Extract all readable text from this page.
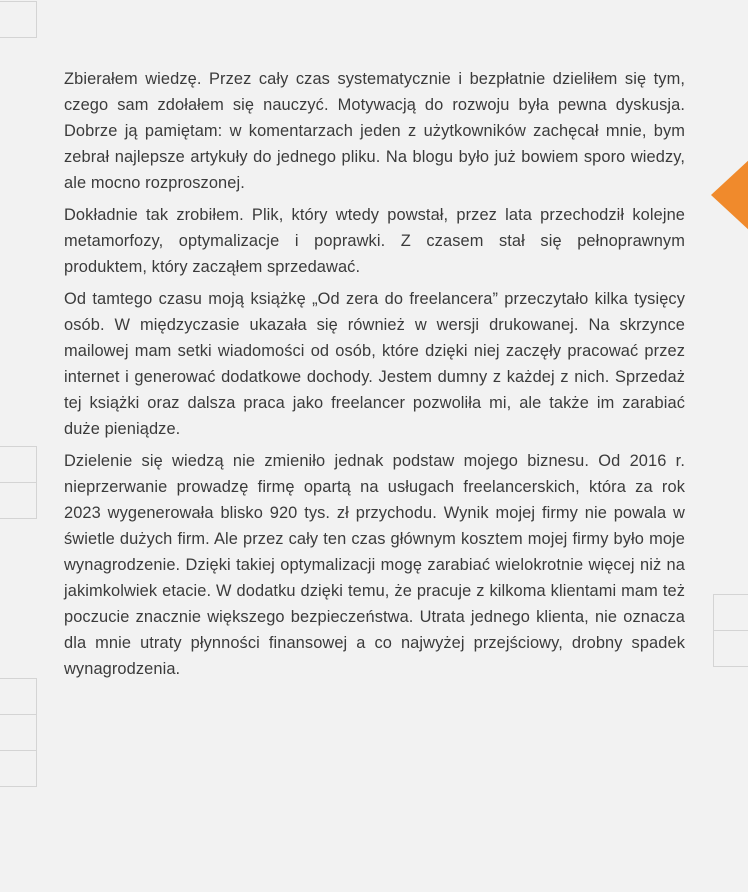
Zbierałem wiedzę. Przez cały czas systematycznie i bezpłatnie dzieliłem się tym, czego sam zdołałem się nauczyć. Motywacją do rozwoju była pewna dyskusja. Dobrze ją pamiętam: w komentarzach jeden z użytkowników zachęcał mnie, bym zebrał najlepsze artykuły do jednego pliku. Na blogu było już bowiem sporo wiedzy, ale mocno rozproszonej.

Dokładnie tak zrobiłem. Plik, który wtedy powstał, przez lata przechodził kolejne metamorfozy, optymalizacje i poprawki. Z czasem stał się pełnoprawnym produktem, który zacząłem sprzedawać.

Od tamtego czasu moją książkę „Od zera do freelancera” przeczytało kilka tysięcy osób. W międzyczasie ukazała się również w wersji drukowanej. Na skrzynce mailowej mam setki wiadomości od osób, które dzięki niej zaczęły pracować przez internet i generować dodatkowe dochody. Jestem dumny z każdej z nich. Sprzedaż tej książki oraz dalsza praca jako freelancer pozwoliła mi, ale także im zarabiać duże pieniądze.

Dzielenie się wiedzą nie zmieniło jednak podstaw mojego biznesu. Od 2016 r. nieprzerwanie prowadzę firmę opartą na usługach freelancerskich, która za rok 2023 wygenerowała blisko 920 tys. zł przychodu. Wynik mojej firmy nie powala w świetle dużych firm. Ale przez cały ten czas głównym kosztem mojej firmy było moje wynagrodzenie. Dzięki takiej optymalizacji mogę zarabiać wielokrotnie więcej niż na jakimkolwiek etacie. W dodatku dzięki temu, że pracuje z kilkoma klientami mam też poczucie znacznie większego bezpieczeństwa. Utrata jednego klienta, nie oznacza dla mnie utraty płynności finansowej a co najwyżej przejściowy, drobny spadek wynagrodzenia.
